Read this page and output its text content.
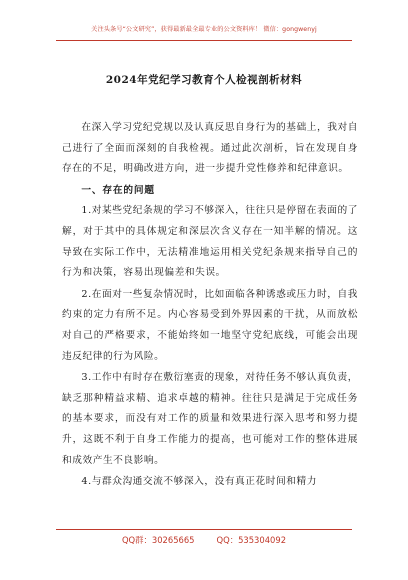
关注头条号“公文研究”，获得最新最全最专业的公文资料库！ 微信：gongwenyj
2024年党纪学习教育个人检视剖析材料

在深入学习党纪党规以及认真反思自身行为的基础上，我对自己进行了全面而深刻的自我检视。通过此次剖析，旨在发现自身存在的不足，明确改进方向，进一步提升党性修养和纪律意识。

一、存在的问题

1.对某些党纪条规的学习不够深入，往往只是停留在表面的了解，对于其中的具体规定和深层次含义存在一知半解的情况。这导致在实际工作中，无法精准地运用相关党纪条规来指导自己的行为和决策，容易出现偏差和失误。

2.在面对一些复杂情况时，比如面临各种诱惑或压力时，自我约束的定力有所不足。内心容易受到外界因素的干扰，从而放松对自己的严格要求，不能始终如一地坚守党纪底线，可能会出现违反纪律的行为风险。

3.工作中有时存在敷衍塞责的现象，对待任务不够认真负责，缺乏那种精益求精、追求卓越的精神。往往只是满足于完成任务的基本要求，而没有对工作的质量和效果进行深入思考和努力提升，这既不利于自身工作能力的提高，也可能对工作的整体进展和成效产生不良影响。

4.与群众沟通交流不够深入，没有真正花时间和精力

QQ群：30265665	QQ：535304092
